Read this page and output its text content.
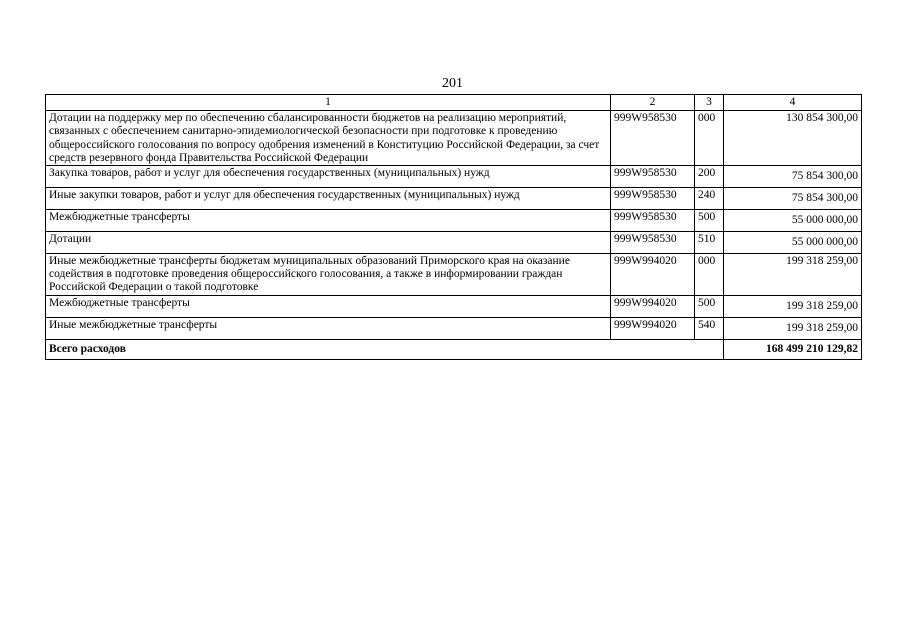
201
1	2	3	4
Дотации на поддержку мер по обеспечению сбалансированности бюджетов на реализацию мероприятий, связанных с обеспечением санитарно-эпидемиологической безопасности при подготовке к проведению общероссийского голосования по вопросу одобрения изменений в Конституцию Российской Федерации, за счет средств резервного фонда Правительства Российской Федерации	999W958530	000	130 854 300,00
Закупка товаров, работ и услуг для обеспечения государственных (муниципальных) нужд	999W958530	200	75 854 300,00
Иные закупки товаров, работ и услуг для обеспечения государственных (муниципальных) нужд	999W958530	240	75 854 300,00
Межбюджетные трансферты	999W958530	500	55 000 000,00
Дотации	999W958530	510	55 000 000,00
Иные межбюджетные трансферты бюджетам муниципальных образований Приморского края на оказание содействия в подготовке проведения общероссийского голосования, а также в информировании граждан Российской Федерации о такой подготовке	999W994020	000	199 318 259,00
Межбюджетные трансферты	999W994020	500	199 318 259,00
Иные межбюджетные трансферты	999W994020	540	199 318 259,00
Всего расходов			168 499 210 129,82
